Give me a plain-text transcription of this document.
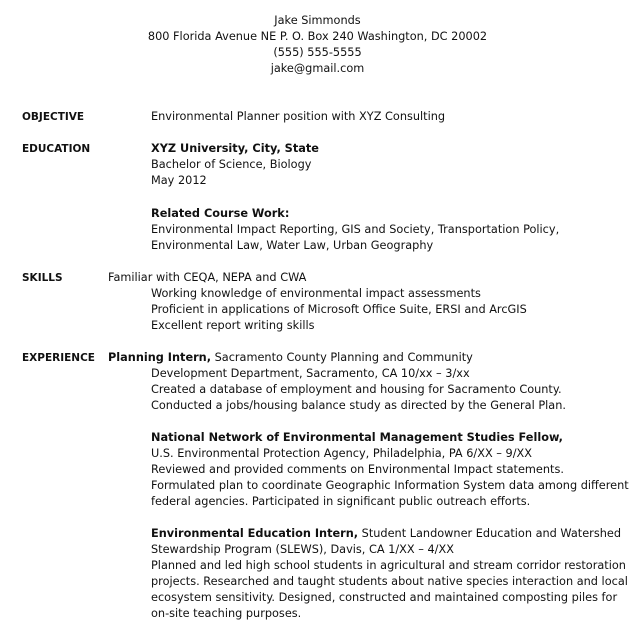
Jake Simmonds
800 Florida Avenue NE P. O. Box 240 Washington, DC 20002
(555) 555-5555
jake@gmail.com
OBJECTIVE	Environmental Planner position with XYZ Consulting
EDUCATION	XYZ University, City, State
Bachelor of Science, Biology
May 2012
Related Course Work:
Environmental Impact Reporting, GIS and Society, Transportation Policy,
Environmental Law, Water Law, Urban Geography
SKILLS	Familiar with CEQA, NEPA and CWA
Working knowledge of environmental impact assessments
Proficient in applications of Microsoft Office Suite, ERSI and ArcGIS
Excellent report writing skills
EXPERIENCE Planning Intern, Sacramento County Planning and Community
Development Department, Sacramento, CA 10/xx – 3/xx
Created a database of employment and housing for Sacramento County.
Conducted a jobs/housing balance study as directed by the General Plan.
National Network of Environmental Management Studies Fellow,
U.S. Environmental Protection Agency, Philadelphia, PA 6/XX – 9/XX
Reviewed and provided comments on Environmental Impact statements.
Formulated plan to coordinate Geographic Information System data among different
federal agencies. Participated in significant public outreach efforts.
Environmental Education Intern, Student Landowner Education and Watershed
Stewardship Program (SLEWS), Davis, CA 1/XX – 4/XX
Planned and led high school students in agricultural and stream corridor restoration
projects. Researched and taught students about native species interaction and local
ecosystem sensitivity. Designed, constructed and maintained composting piles for
on-site teaching purposes.
